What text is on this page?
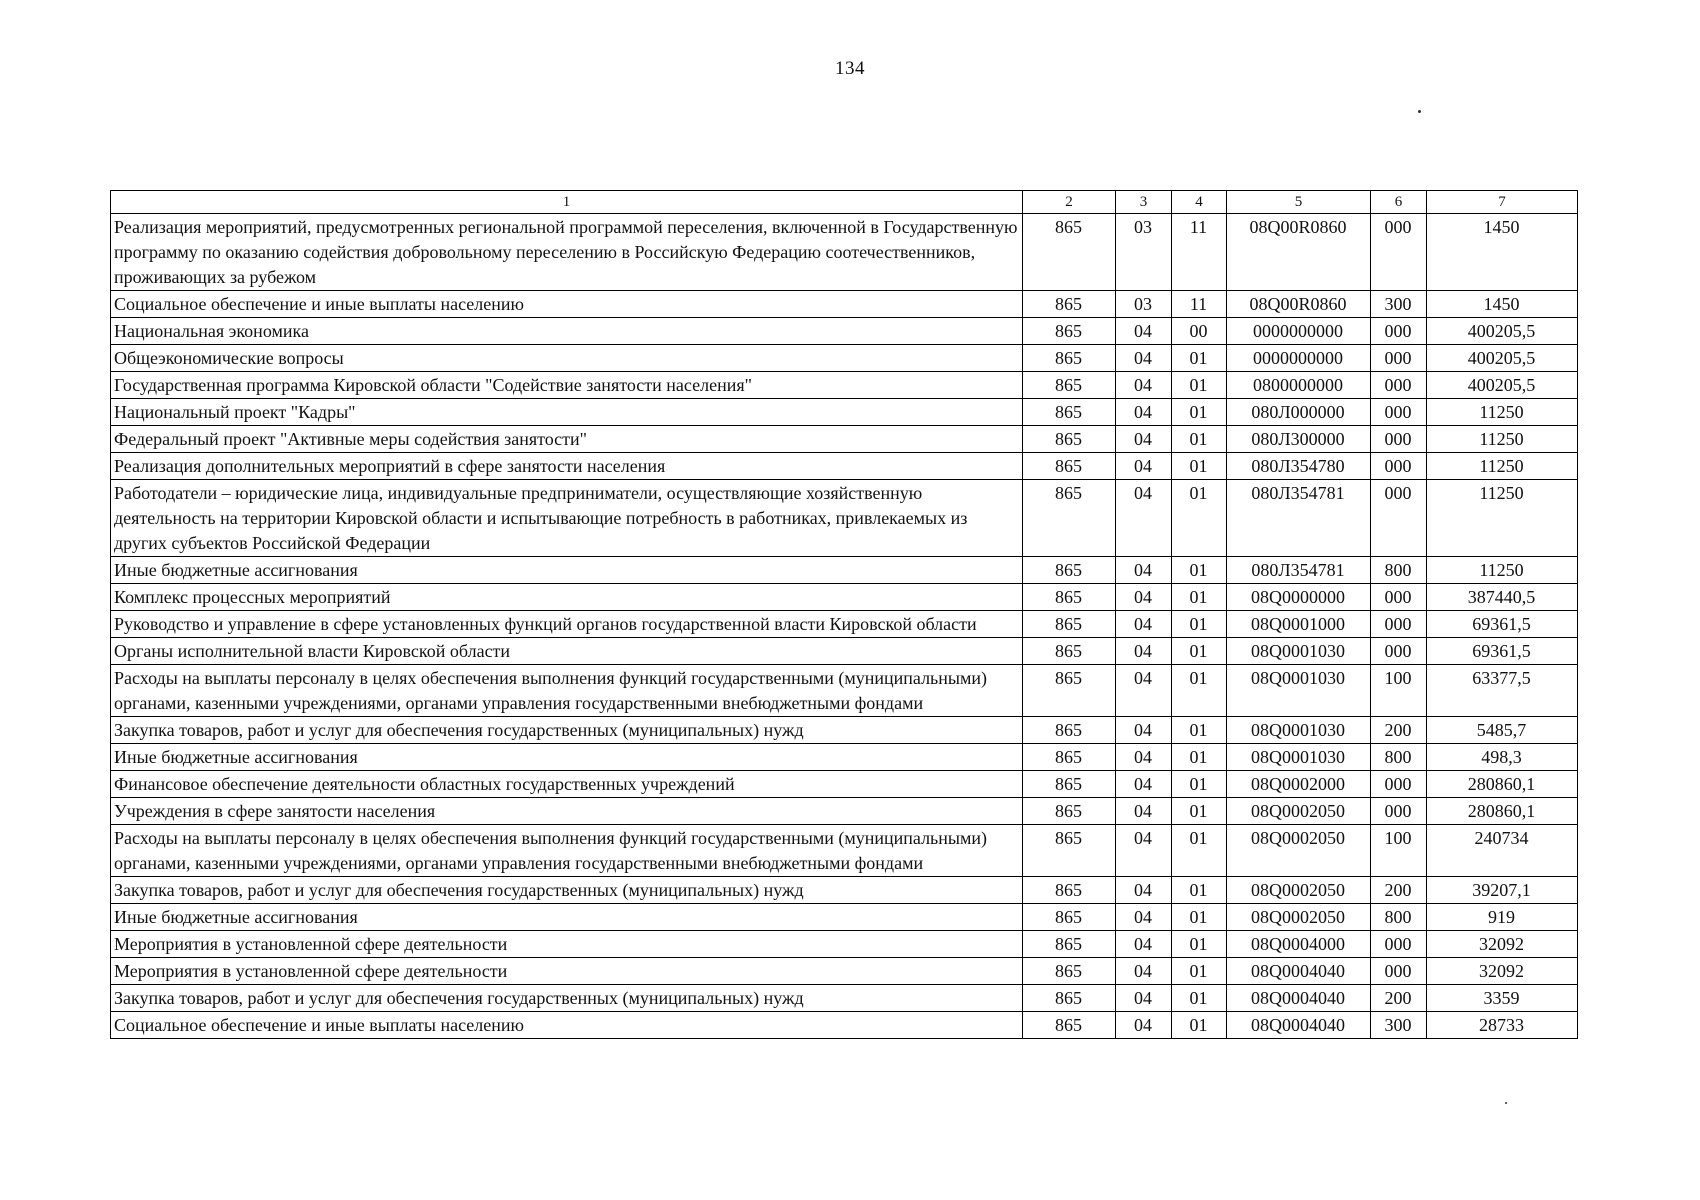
134
1	2	3	4	5	6	7
Реализация мероприятий, предусмотренных региональной программой переселения, включенной в Государственную программу по оказанию содействия добровольному переселению в Российскую Федерацию соотечественников, проживающих за рубежом	865	03	11	08Q00R0860	000	1450
Социальное обеспечение и иные выплаты населению	865	03	11	08Q00R0860	300	1450
Национальная экономика	865	04	00	0000000000	000	400205,5
Общеэкономические вопросы	865	04	01	0000000000	000	400205,5
Государственная программа Кировской области "Содействие занятости населения"	865	04	01	0800000000	000	400205,5
Национальный проект "Кадры"	865	04	01	080Л000000	000	11250
Федеральный проект "Активные меры содействия занятости"	865	04	01	080Л300000	000	11250
Реализация дополнительных мероприятий в сфере занятости населения	865	04	01	080Л354780	000	11250
Работодатели – юридические лица, индивидуальные предприниматели, осуществляющие хозяйственную деятельность на территории Кировской области и испытывающие потребность в работниках, привлекаемых из других субъектов Российской Федерации	865	04	01	080Л354781	000	11250
Иные бюджетные ассигнования	865	04	01	080Л354781	800	11250
Комплекс процессных мероприятий	865	04	01	08Q0000000	000	387440,5
Руководство и управление в сфере установленных функций органов государственной власти Кировской области	865	04	01	08Q0001000	000	69361,5
Органы исполнительной власти Кировской области	865	04	01	08Q0001030	000	69361,5
Расходы на выплаты персоналу в целях обеспечения выполнения функций государственными (муниципальными) органами, казенными учреждениями, органами управления государственными внебюджетными фондами	865	04	01	08Q0001030	100	63377,5
Закупка товаров, работ и услуг для обеспечения государственных (муниципальных) нужд	865	04	01	08Q0001030	200	5485,7
Иные бюджетные ассигнования	865	04	01	08Q0001030	800	498,3
Финансовое обеспечение деятельности областных государственных учреждений	865	04	01	08Q0002000	000	280860,1
Учреждения в сфере занятости населения	865	04	01	08Q0002050	000	280860,1
Расходы на выплаты персоналу в целях обеспечения выполнения функций государственными (муниципальными) органами, казенными учреждениями, органами управления государственными внебюджетными фондами	865	04	01	08Q0002050	100	240734
Закупка товаров, работ и услуг для обеспечения государственных (муниципальных) нужд	865	04	01	08Q0002050	200	39207,1
Иные бюджетные ассигнования	865	04	01	08Q0002050	800	919
Мероприятия в установленной сфере деятельности	865	04	01	08Q0004000	000	32092
Мероприятия в установленной сфере деятельности	865	04	01	08Q0004040	000	32092
Закупка товаров, работ и услуг для обеспечения государственных (муниципальных) нужд	865	04	01	08Q0004040	200	3359
Социальное обеспечение и иные выплаты населению	865	04	01	08Q0004040	300	28733
